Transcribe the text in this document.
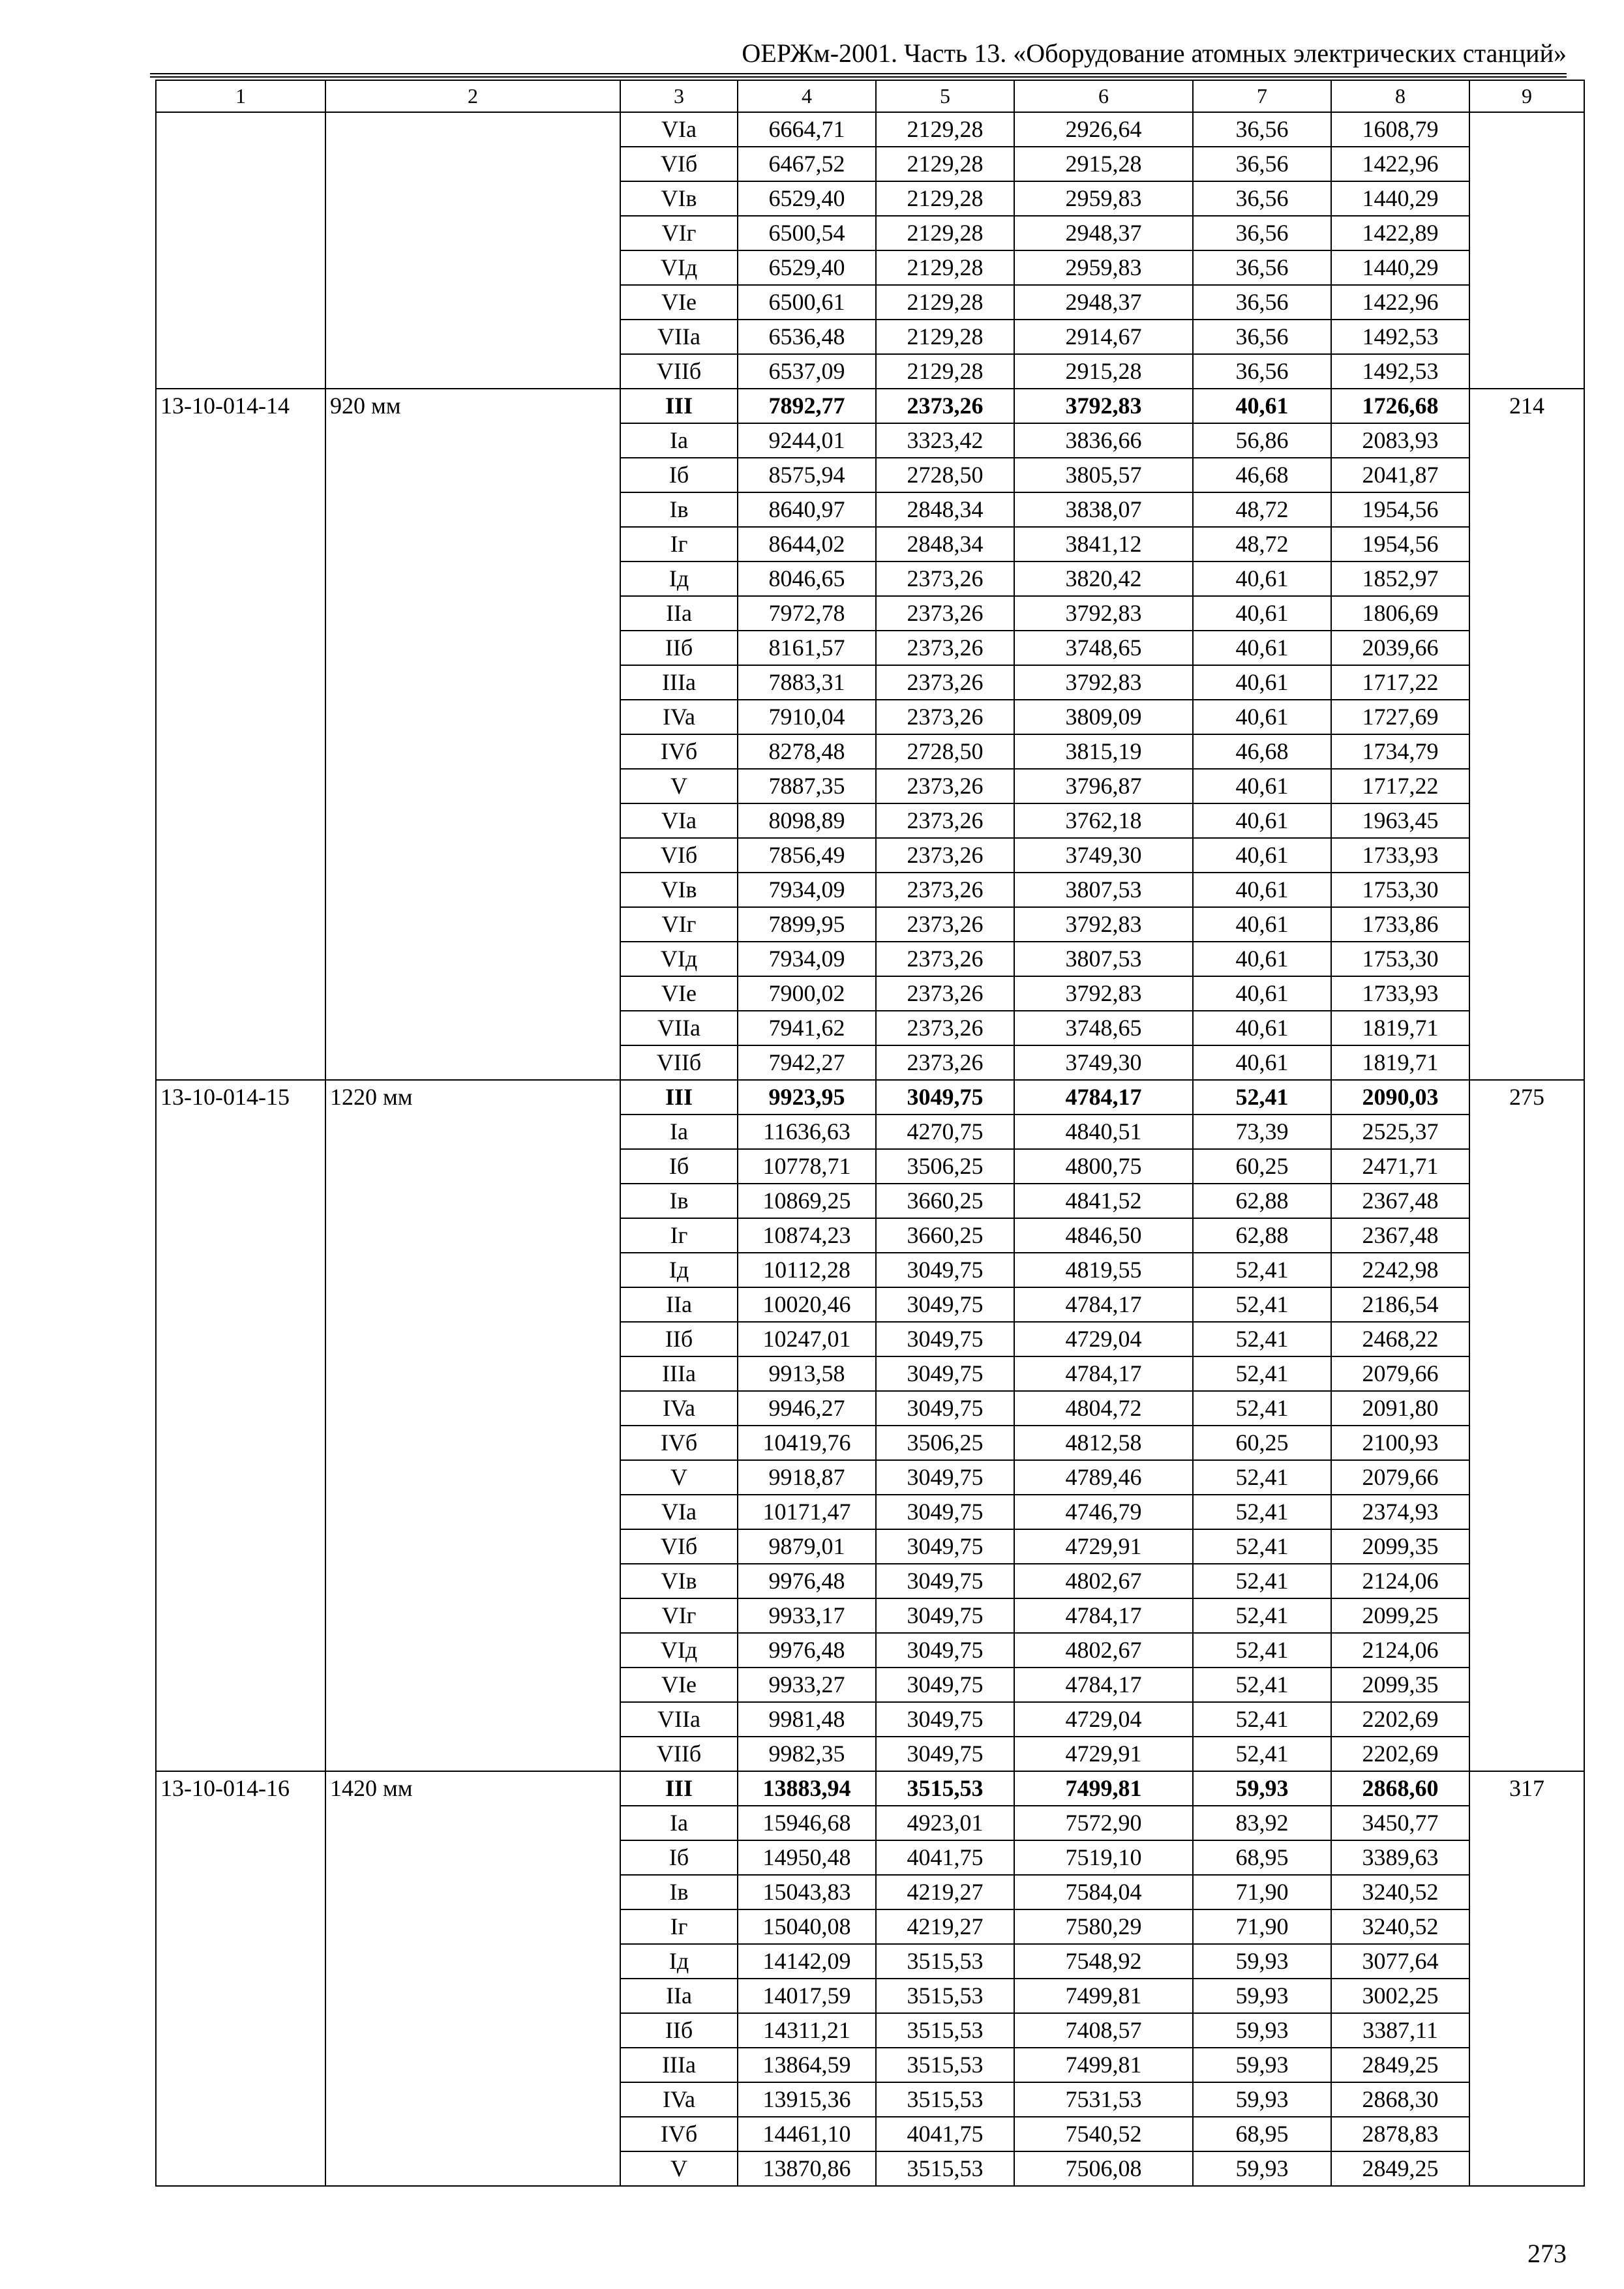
ОЕРЖм-2001. Часть 13. «Оборудование атомных электрических станций»
1	2	3	4	5	6	7	8	9
		VIa	6664,71	2129,28	2926,64	36,56	1608,79	
		VIб	6467,52	2129,28	2915,28	36,56	1422,96	
		VIв	6529,40	2129,28	2959,83	36,56	1440,29	
		VIг	6500,54	2129,28	2948,37	36,56	1422,89	
		VIд	6529,40	2129,28	2959,83	36,56	1440,29	
		VIe	6500,61	2129,28	2948,37	36,56	1422,96	
		VIIa	6536,48	2129,28	2914,67	36,56	1492,53	
		VIIб	6537,09	2129,28	2915,28	36,56	1492,53	
13-10-014-14	920 мм	III	7892,77	2373,26	3792,83	40,61	1726,68	214
		Ia	9244,01	3323,42	3836,66	56,86	2083,93	
		Iб	8575,94	2728,50	3805,57	46,68	2041,87	
		Iв	8640,97	2848,34	3838,07	48,72	1954,56	
		Iг	8644,02	2848,34	3841,12	48,72	1954,56	
		Iд	8046,65	2373,26	3820,42	40,61	1852,97	
		IIa	7972,78	2373,26	3792,83	40,61	1806,69	
		IIб	8161,57	2373,26	3748,65	40,61	2039,66	
		IIIa	7883,31	2373,26	3792,83	40,61	1717,22	
		IVa	7910,04	2373,26	3809,09	40,61	1727,69	
		IVб	8278,48	2728,50	3815,19	46,68	1734,79	
		V	7887,35	2373,26	3796,87	40,61	1717,22	
		VIa	8098,89	2373,26	3762,18	40,61	1963,45	
		VIб	7856,49	2373,26	3749,30	40,61	1733,93	
		VIв	7934,09	2373,26	3807,53	40,61	1753,30	
		VIг	7899,95	2373,26	3792,83	40,61	1733,86	
		VIд	7934,09	2373,26	3807,53	40,61	1753,30	
		VIe	7900,02	2373,26	3792,83	40,61	1733,93	
		VIIa	7941,62	2373,26	3748,65	40,61	1819,71	
		VIIб	7942,27	2373,26	3749,30	40,61	1819,71	
13-10-014-15	1220 мм	III	9923,95	3049,75	4784,17	52,41	2090,03	275
		Ia	11636,63	4270,75	4840,51	73,39	2525,37	
		Iб	10778,71	3506,25	4800,75	60,25	2471,71	
		Iв	10869,25	3660,25	4841,52	62,88	2367,48	
		Iг	10874,23	3660,25	4846,50	62,88	2367,48	
		Iд	10112,28	3049,75	4819,55	52,41	2242,98	
		IIa	10020,46	3049,75	4784,17	52,41	2186,54	
		IIб	10247,01	3049,75	4729,04	52,41	2468,22	
		IIIa	9913,58	3049,75	4784,17	52,41	2079,66	
		IVa	9946,27	3049,75	4804,72	52,41	2091,80	
		IVб	10419,76	3506,25	4812,58	60,25	2100,93	
		V	9918,87	3049,75	4789,46	52,41	2079,66	
		VIa	10171,47	3049,75	4746,79	52,41	2374,93	
		VIб	9879,01	3049,75	4729,91	52,41	2099,35	
		VIв	9976,48	3049,75	4802,67	52,41	2124,06	
		VIг	9933,17	3049,75	4784,17	52,41	2099,25	
		VIд	9976,48	3049,75	4802,67	52,41	2124,06	
		VIe	9933,27	3049,75	4784,17	52,41	2099,35	
		VIIa	9981,48	3049,75	4729,04	52,41	2202,69	
		VIIб	9982,35	3049,75	4729,91	52,41	2202,69	
13-10-014-16	1420 мм	III	13883,94	3515,53	7499,81	59,93	2868,60	317
		Ia	15946,68	4923,01	7572,90	83,92	3450,77	
		Iб	14950,48	4041,75	7519,10	68,95	3389,63	
		Iв	15043,83	4219,27	7584,04	71,90	3240,52	
		Iг	15040,08	4219,27	7580,29	71,90	3240,52	
		Iд	14142,09	3515,53	7548,92	59,93	3077,64	
		IIa	14017,59	3515,53	7499,81	59,93	3002,25	
		IIб	14311,21	3515,53	7408,57	59,93	3387,11	
		IIIa	13864,59	3515,53	7499,81	59,93	2849,25	
		IVa	13915,36	3515,53	7531,53	59,93	2868,30	
		IVб	14461,10	4041,75	7540,52	68,95	2878,83	
		V	13870,86	3515,53	7506,08	59,93	2849,25	
273
